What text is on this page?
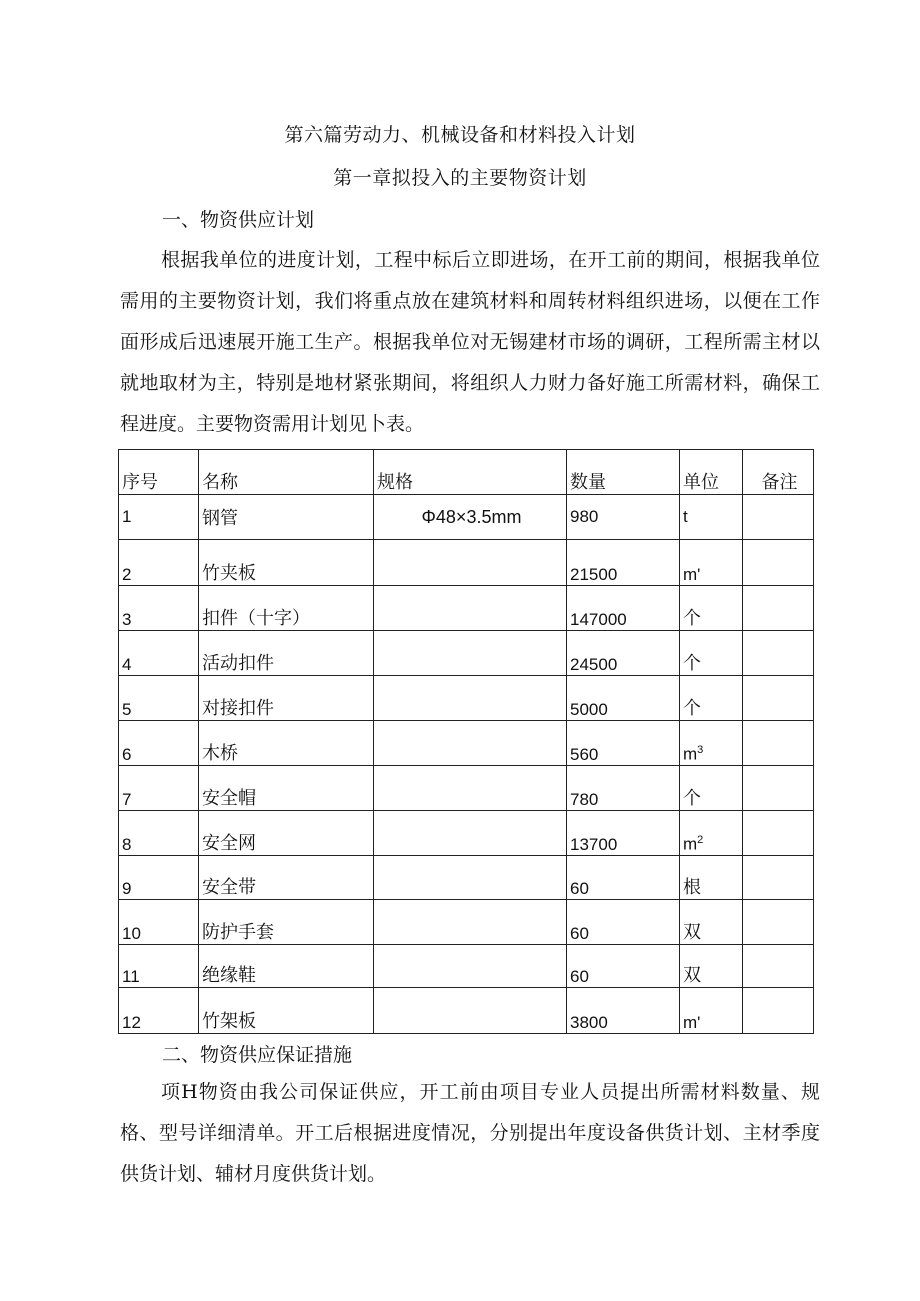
第六篇劳动力、机械设备和材料投入计划
第一章拟投入的主要物资计划
一、物资供应计划

根据我单位的进度计划，工程中标后立即进场，在开工前的期间，根据我单位需用的主要物资计划，我们将重点放在建筑材料和周转材料组织进场，以便在工作面形成后迅速展开施工生产。根据我单位对无锡建材市场的调研，工程所需主材以就地取材为主，特别是地材紧张期间，将组织人力财力备好施工所需材料，确保工程进度。主要物资需用计划见卜表。

序号	名称	规格	数量	单位	备注
1	钢管	Φ48×3.5mm	980	t	
2	竹夹板		21500	m'	
3	扣件（十字）		147000	个	
4	活动扣件		24500	个	
5	对接扣件		5000	个	
6	木桥		560	$m^3$	
7	安全帽		780	个	
8	安全网		13700	$m^2$	
9	安全带		60	根	
10	防护手套		60	双	
11	绝缘鞋		60	双	
12	竹架板		3800	m'	
二、物资供应保证措施

项H物资由我公司保证供应，开工前由项目专业人员提出所需材料数量、规格、型号详细清单。开工后根据进度情况，分别提出年度设备供货计划、主材季度供货计划、辅材月度供货计划。
